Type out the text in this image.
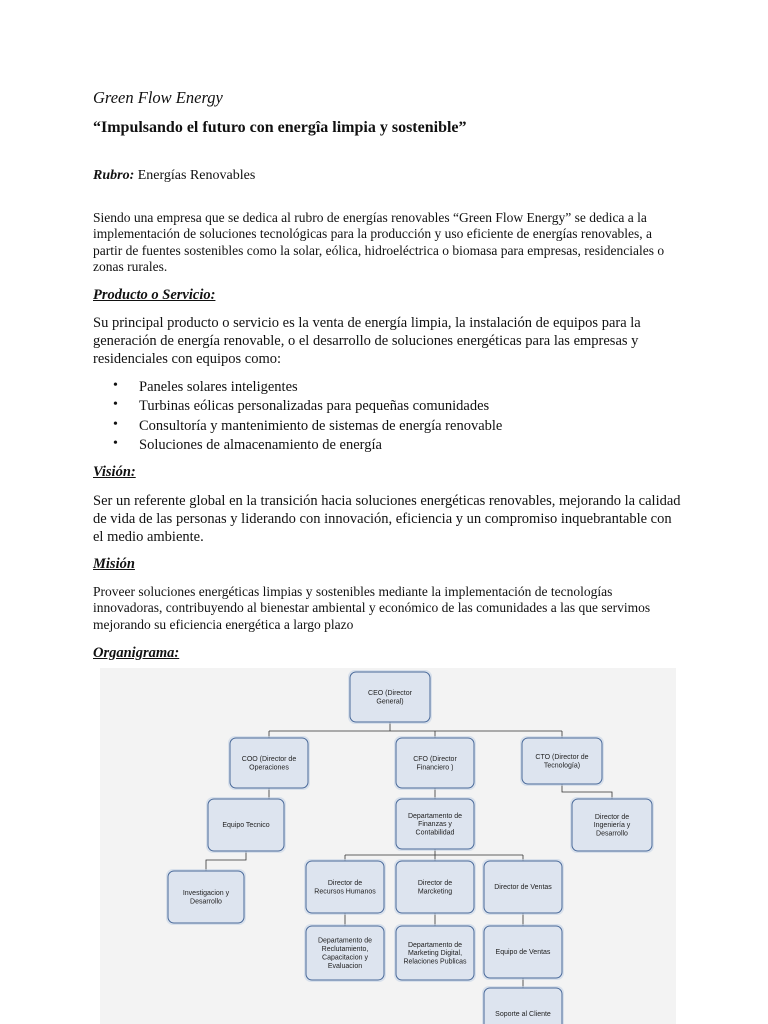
Green Flow Energy
“Impulsando el futuro con energîa limpia y sostenible”
Rubro: Energías Renovables
Siendo una empresa que se dedica al rubro de energías renovables “Green Flow Energy” se dedica a la implementación de soluciones tecnológicas para la producción y uso eficiente de energías renovables, a partir de fuentes sostenibles como la solar, eólica, hidroeléctrica o biomasa para empresas, residenciales o zonas rurales.
Producto o Servicio:
Su principal producto o servicio es la venta de energía limpia, la instalación de equipos para la generación de energía renovable, o el desarrollo de soluciones energéticas para las empresas y residenciales con equipos como:
• Paneles solares inteligentes
• Turbinas eólicas personalizadas para pequeñas comunidades
• Consultoría y mantenimiento de sistemas de energía renovable
• Soluciones de almacenamiento de energía
Visión:
Ser un referente global en la transición hacia soluciones energéticas renovables, mejorando la calidad de vida de las personas y liderando con innovación, eficiencia y un compromiso inquebrantable con el medio ambiente.
Misión
Proveer soluciones energéticas limpias y sostenibles mediante la implementación de tecnologías innovadoras, contribuyendo al bienestar ambiental y económico de las comunidades a las que servimos mejorando su eficiencia energética a largo plazo
Organigrama:
CEO (Director
General)
COO (Director de
Operaciones
CFO (Director
Financiero )
CTO (Director de
Tecnología)
Equipo Tecnico
Departamento de
Finanzas y
Contabilidad
Director de
Ingeniería y
Desarrollo
Investigacion y
Desarrollo
Director de
Recursos Humanos
Director de
Marcketing
Director de Ventas
Departamento de
Reclutamiento,
Capacitacion y
Evaluacion
Departamento de
Marketing Digital,
Relaciones Publicas
Equipo de Ventas
Soporte al Cliente
